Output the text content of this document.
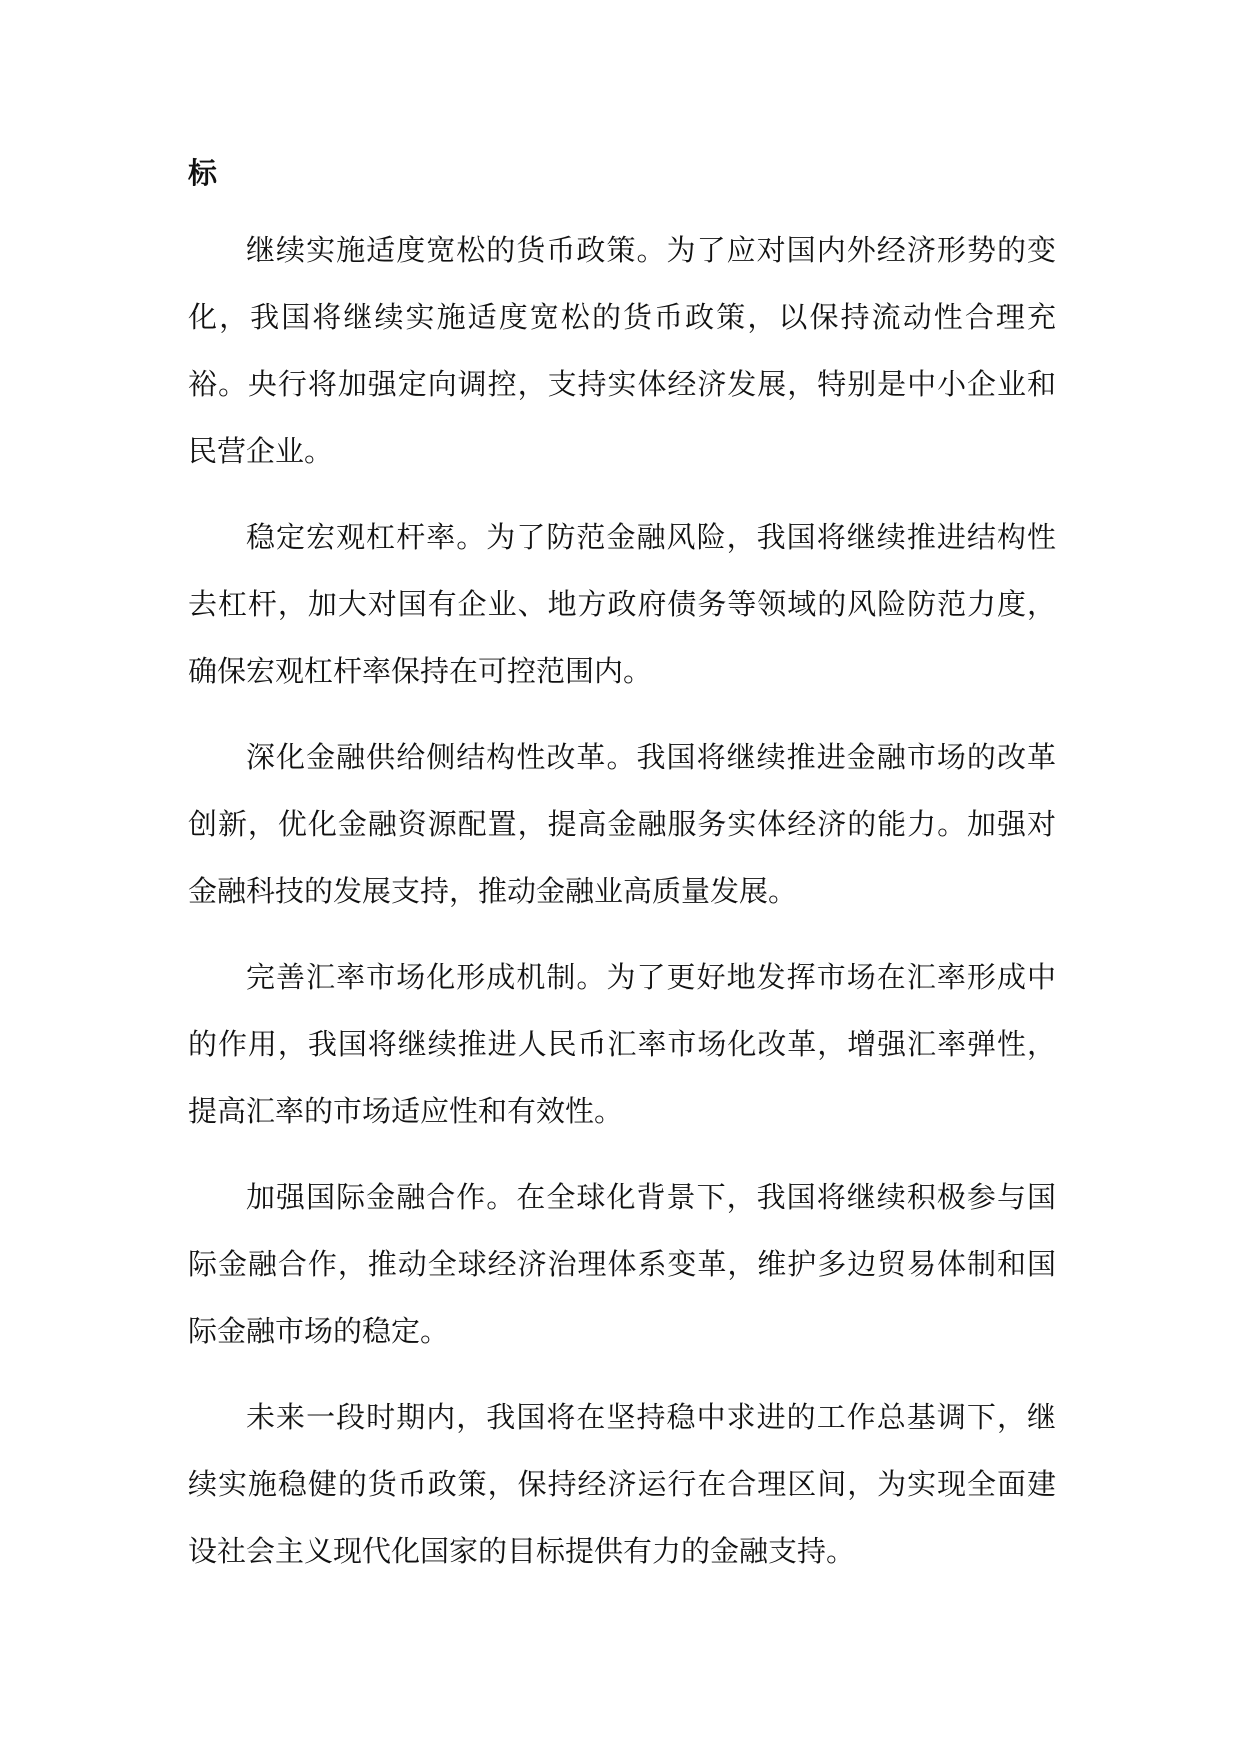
标

继续实施适度宽松的货币政策。为了应对国内外经济形势的变化，我国将继续实施适度宽松的货币政策，以保持流动性合理充裕。央行将加强定向调控，支持实体经济发展，特别是中小企业和民营企业。

稳定宏观杠杆率。为了防范金融风险，我国将继续推进结构性去杠杆，加大对国有企业、地方政府债务等领域的风险防范力度，确保宏观杠杆率保持在可控范围内。

深化金融供给侧结构性改革。我国将继续推进金融市场的改革创新，优化金融资源配置，提高金融服务实体经济的能力。加强对金融科技的发展支持，推动金融业高质量发展。

完善汇率市场化形成机制。为了更好地发挥市场在汇率形成中的作用，我国将继续推进人民币汇率市场化改革，增强汇率弹性，提高汇率的市场适应性和有效性。

加强国际金融合作。在全球化背景下，我国将继续积极参与国际金融合作，推动全球经济治理体系变革，维护多边贸易体制和国际金融市场的稳定。

未来一段时期内，我国将在坚持稳中求进的工作总基调下，继续实施稳健的货币政策，保持经济运行在合理区间，为实现全面建设社会主义现代化国家的目标提供有力的金融支持。
